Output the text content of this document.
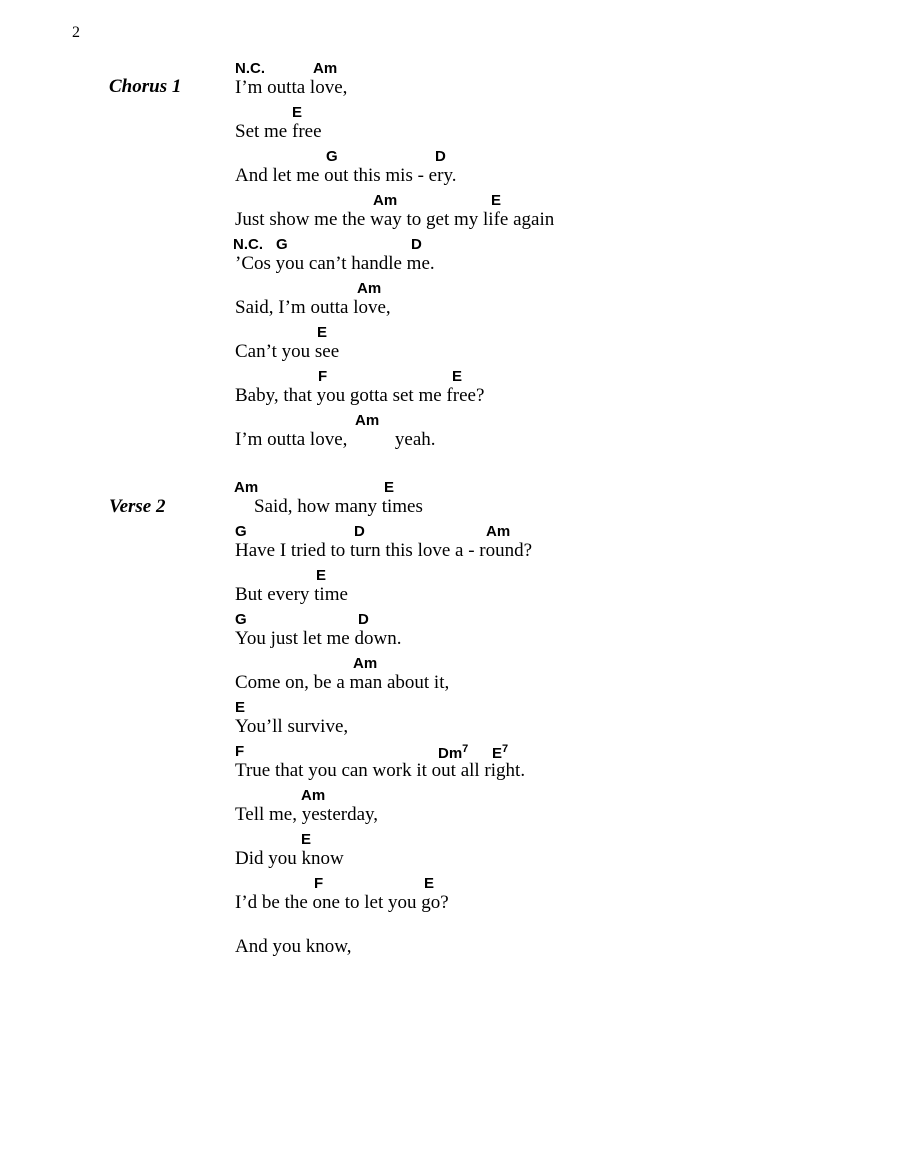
2
Chorus 1
N.C.	Am
I’m outta love,
E
Set me free
G	D
And let me out this mis - ery.
Am	E
Just show me the way to get my life again
N.C. G	D
’Cos you can’t handle me.
Am
Said, I’m outta love,
E
Can’t you see
F	E
Baby, that you gotta set me free?
Am
I’m outta love,          yeah.
Verse 2
Am	E
Said, how many times
G	D	Am
Have I tried to turn this love a - round?
E
But every time
G	D
You just let me down.
Am
Come on, be a man about it,
E
You’ll survive,
F	Dm$^7$ $E^7$
True that you can work it out all right.
Am
Tell me, yesterday,
E
Did you know
F	E
I’d be the one to let you go?
And you know,
